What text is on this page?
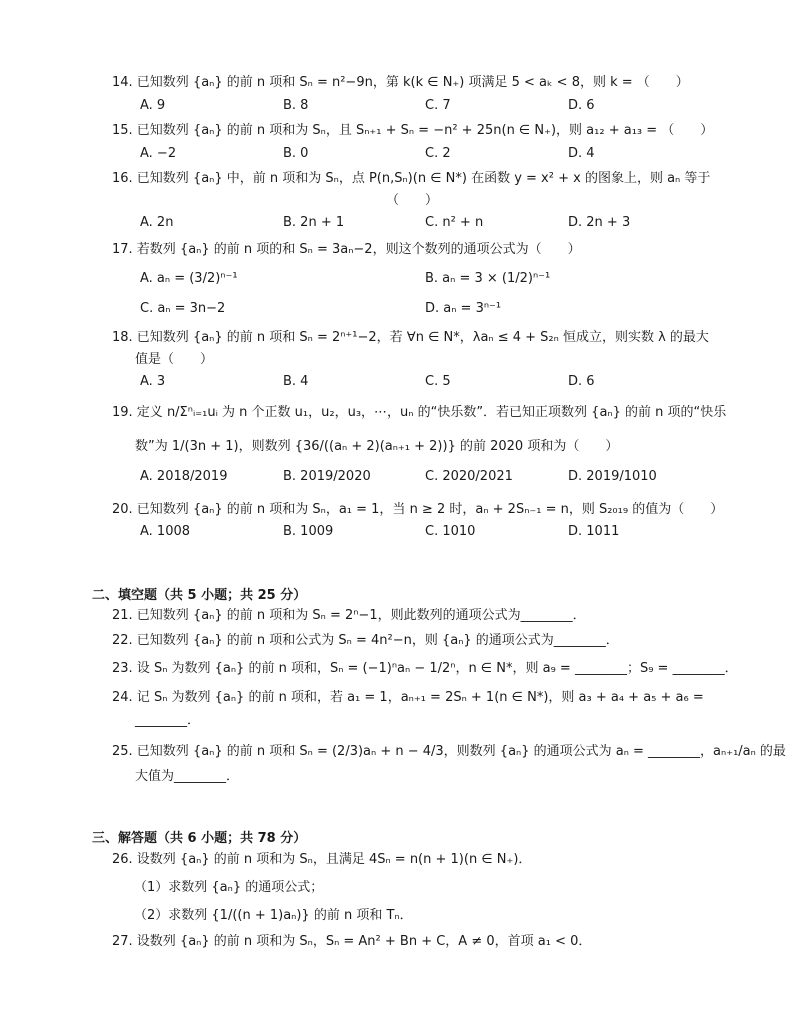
14. 已知数列 {aₙ} 的前 n 项和 Sₙ = n²−9n，第 k(k ∈ N₊) 项满足 5 < aₖ < 8，则 k = （　　）
A. 9	B. 8	C. 7	D. 6
15. 已知数列 {aₙ} 的前 n 项和为 Sₙ，且 Sₙ₊₁ + Sₙ = −n² + 25n(n ∈ N₊)，则 a₁₂ + a₁₃ = （　　）
A. −2	B. 0	C. 2	D. 4
16. 已知数列 {aₙ} 中，前 n 项和为 Sₙ，点 P(n,Sₙ)(n ∈ N*) 在函数 y = x² + x 的图象上，则 aₙ 等于
（　　）
A. 2n	B. 2n + 1	C. n² + n	D. 2n + 3
17. 若数列 {aₙ} 的前 n 项的和 Sₙ = 3aₙ−2，则这个数列的通项公式为（　　）
A. aₙ = (3/2)ⁿ⁻¹	B. aₙ = 3 × (1/2)ⁿ⁻¹
C. aₙ = 3n−2	D. aₙ = 3ⁿ⁻¹
18. 已知数列 {aₙ} 的前 n 项和 Sₙ = 2ⁿ⁺¹−2，若 ∀n ∈ N*，λaₙ ≤ 4 + S₂ₙ 恒成立，则实数 λ 的最大
值是（　　）
A. 3	B. 4	C. 5	D. 6
19. 定义 n/Σⁿᵢ₌₁uᵢ 为 n 个正数 u₁，u₂，u₃，⋯，uₙ 的“快乐数”．若已知正项数列 {aₙ} 的前 n 项的“快乐
数”为 1/(3n + 1)，则数列 {36/((aₙ + 2)(aₙ₊₁ + 2))} 的前 2020 项和为（　　）
A. 2018/2019	B. 2019/2020	C. 2020/2021	D. 2019/1010
20. 已知数列 {aₙ} 的前 n 项和为 Sₙ，a₁ = 1，当 n ≥ 2 时，aₙ + 2Sₙ₋₁ = n，则 S₂₀₁₉ 的值为（　　）
A. 1008	B. 1009	C. 1010	D. 1011
二、填空题（共 5 小题；共 25 分）
21. 已知数列 {aₙ} 的前 n 项和为 Sₙ = 2ⁿ−1，则此数列的通项公式为________．
22. 已知数列 {aₙ} 的前 n 项和公式为 Sₙ = 4n²−n，则 {aₙ} 的通项公式为________．
23. 设 Sₙ 为数列 {aₙ} 的前 n 项和，Sₙ = (−1)ⁿaₙ − 1/2ⁿ，n ∈ N*，则 a₉ = ________；S₉ = ________．
24. 记 Sₙ 为数列 {aₙ} 的前 n 项和，若 a₁ = 1，aₙ₊₁ = 2Sₙ + 1(n ∈ N*)，则 a₃ + a₄ + a₅ + a₆ =
________．
25. 已知数列 {aₙ} 的前 n 项和 Sₙ = (2/3)aₙ + n − 4/3，则数列 {aₙ} 的通项公式为 aₙ = ________，aₙ₊₁/aₙ 的最
大值为________．
三、解答题（共 6 小题；共 78 分）
26. 设数列 {aₙ} 的前 n 项和为 Sₙ，且满足 4Sₙ = n(n + 1)(n ∈ N₊)．
（1）求数列 {aₙ} 的通项公式；
（2）求数列 {1/((n + 1)aₙ)} 的前 n 项和 Tₙ．
27. 设数列 {aₙ} 的前 n 项和为 Sₙ，Sₙ = An² + Bn + C，A ≠ 0，首项 a₁ < 0．
